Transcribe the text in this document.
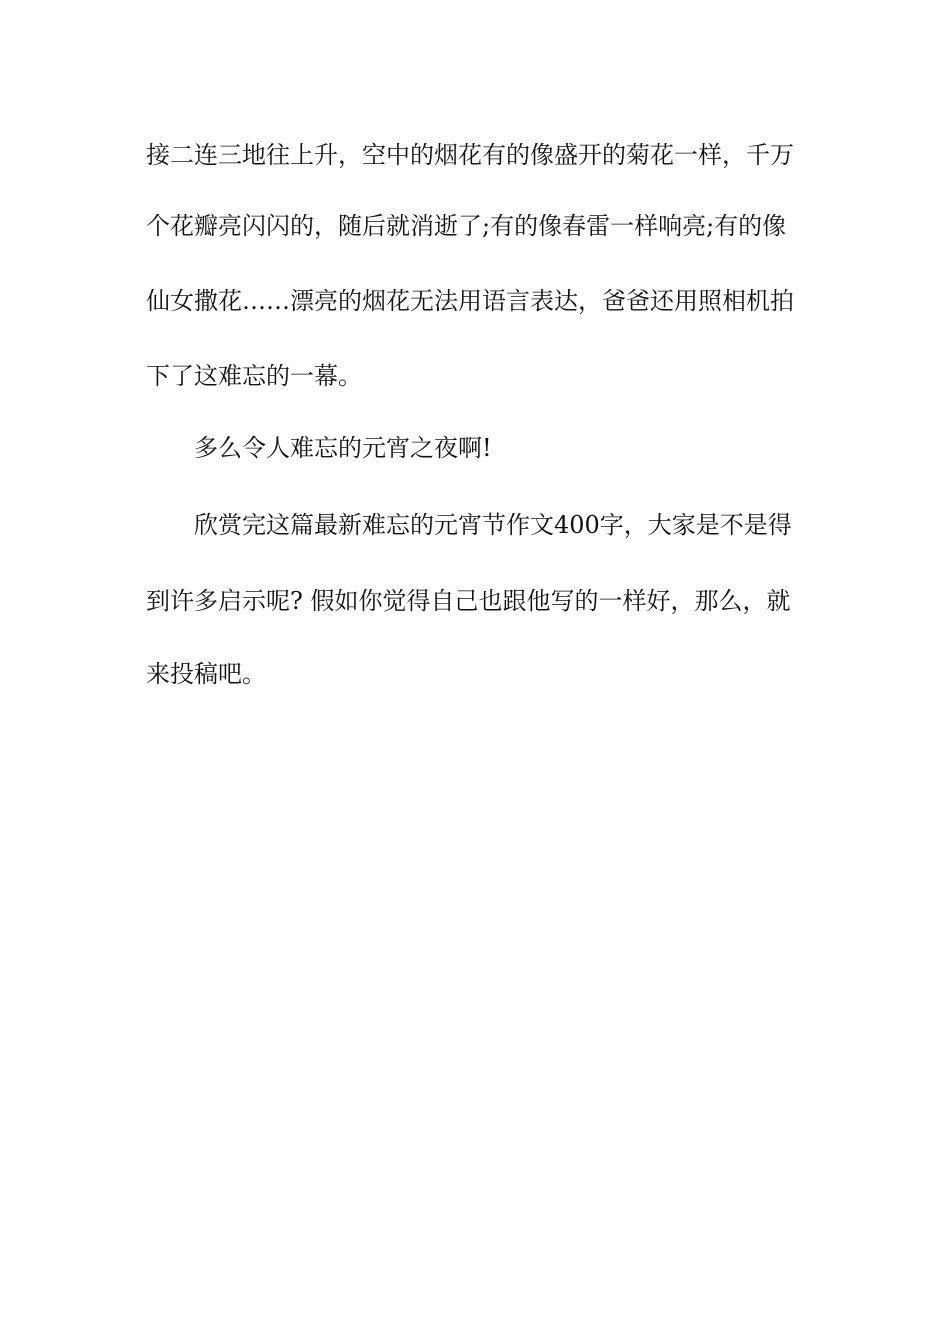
接二连三地往上升，空中的烟花有的像盛开的菊花一样，千万

个花瓣亮闪闪的，随后就消逝了;有的像春雷一样响亮;有的像

仙女撒花……漂亮的烟花无法用语言表达，爸爸还用照相机拍

下了这难忘的一幕。

多么令人难忘的元宵之夜啊!

欣赏完这篇最新难忘的元宵节作文400字，大家是不是得

到许多启示呢? 假如你觉得自己也跟他写的一样好，那么，就

来投稿吧。
